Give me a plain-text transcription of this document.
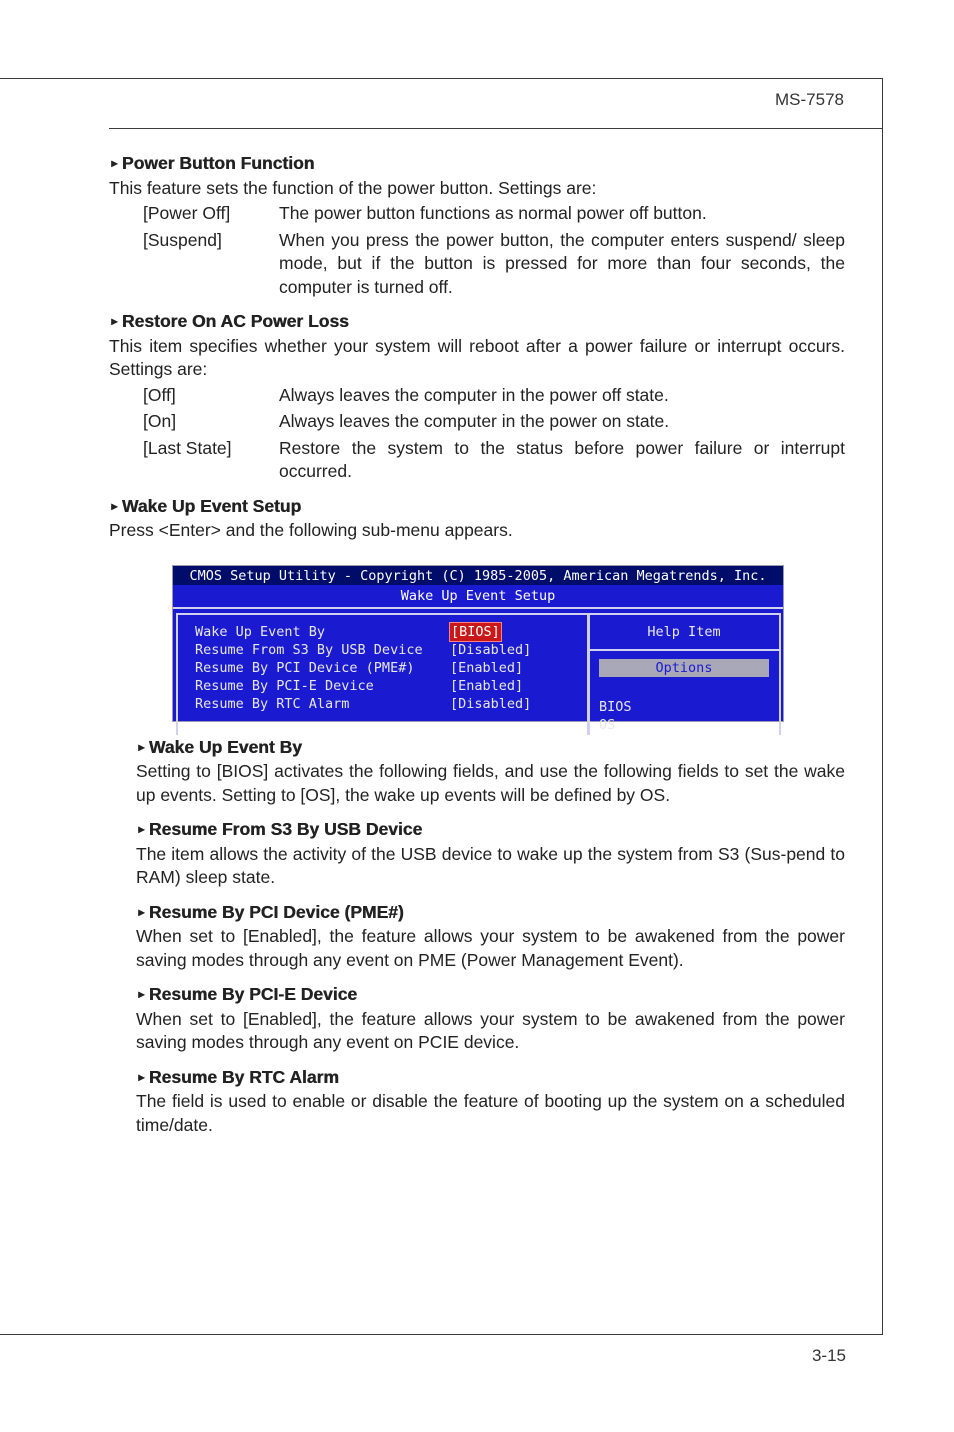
MS-7578
3-15
► Power Button Function
This feature sets the function of the power button. Settings are:
[Power Off]	The power button functions as normal power off button.
[Suspend]	When you press the power button, the computer enters suspend/ sleep mode, but if the button is pressed for more than four seconds, the computer is turned off.
► Restore On AC Power Loss
This item specifies whether your system will reboot after a power failure or interrupt occurs. Settings are:
[Off]	Always leaves the computer in the power off state.
[On]	Always leaves the computer in the power on state.
[Last State]	Restore the system to the status before power failure or interrupt occurred.
► Wake Up Event Setup
Press <Enter> and the following sub-menu appears.
CMOS Setup Utility - Copyright (C) 1985-2005, American Megatrends, Inc.
Wake Up Event Setup
Wake Up Event By	[BIOS]
Resume From S3 By USB Device [Disabled]
Resume By PCI Device (PME#)	[Enabled]
Resume By PCI-E Device	[Enabled]
Resume By RTC Alarm	[Disabled]
Help Item
Options
BIOS
OS
► Wake Up Event By
Setting to [BIOS] activates the following fields, and use the following fields to set the wake up events. Setting to [OS], the wake up events will be defined by OS.
► Resume From S3 By USB Device
The item allows the activity of the USB device to wake up the system from S3 (Sus-pend to RAM) sleep state.
► Resume By PCI Device (PME#)
When set to [Enabled], the feature allows your system to be awakened from the power saving modes through any event on PME (Power Management Event).
► Resume By PCI-E Device
When set to [Enabled], the feature allows your system to be awakened from the power saving modes through any event on PCIE device.
► Resume By RTC Alarm
The field is used to enable or disable the feature of booting up the system on a scheduled time/date.
